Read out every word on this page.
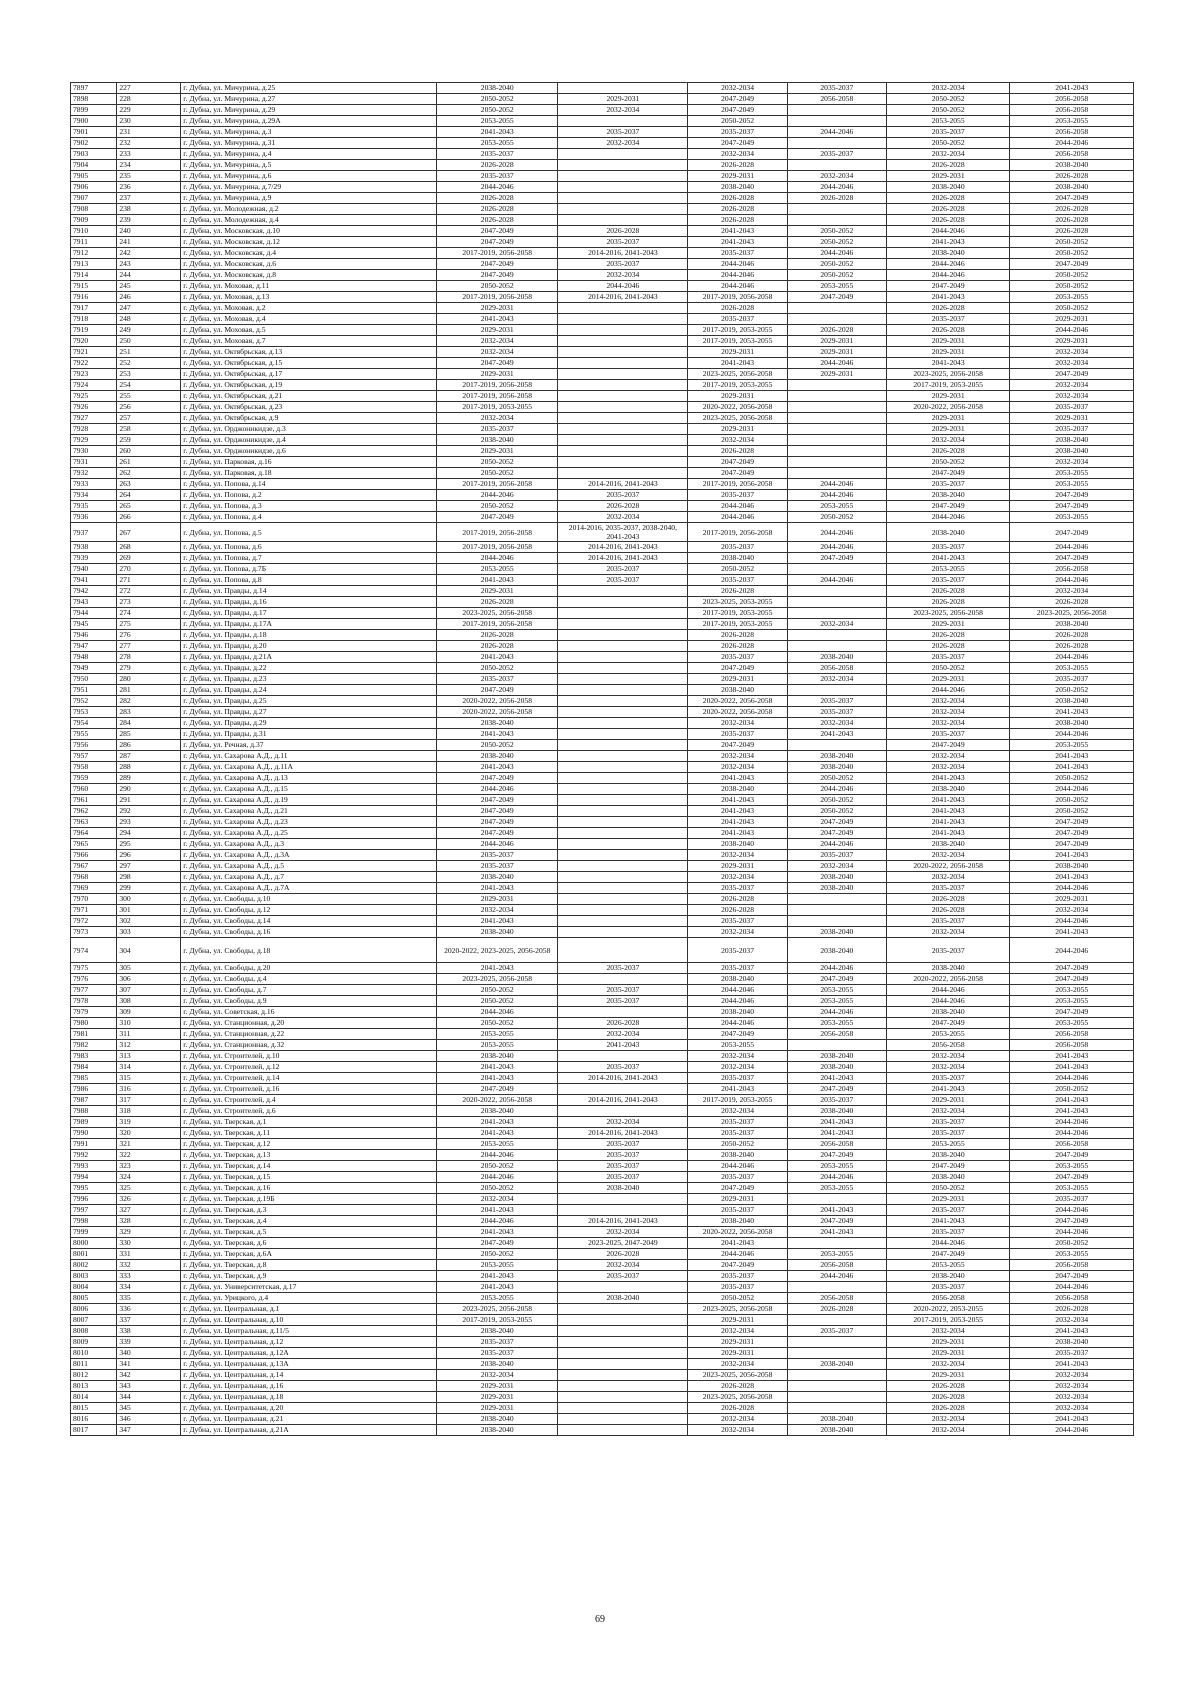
7897	227	г. Дубна, ул. Мичурина, д.25	2038-2040		2032-2034	2035-2037	2032-2034	2041-2043
7898	228	г. Дубна, ул. Мичурина, д.27	2050-2052	2029-2031	2047-2049	2056-2058	2050-2052	2056-2058
7899	229	г. Дубна, ул. Мичурина, д.29	2050-2052	2032-2034	2047-2049		2050-2052	2056-2058
7900	230	г. Дубна, ул. Мичурина, д.29А	2053-2055		2050-2052		2053-2055	2053-2055
7901	231	г. Дубна, ул. Мичурина, д.3	2041-2043	2035-2037	2035-2037	2044-2046	2035-2037	2056-2058
7902	232	г. Дубна, ул. Мичурина, д.31	2053-2055	2032-2034	2047-2049		2050-2052	2044-2046
7903	233	г. Дубна, ул. Мичурина, д.4	2035-2037		2032-2034	2035-2037	2032-2034	2056-2058
7904	234	г. Дубна, ул. Мичурина, д.5	2026-2028		2026-2028		2026-2028	2038-2040
7905	235	г. Дубна, ул. Мичурина, д.6	2035-2037		2029-2031	2032-2034	2029-2031	2026-2028
7906	236	г. Дубна, ул. Мичурина, д.7/29	2044-2046		2038-2040	2044-2046	2038-2040	2038-2040
7907	237	г. Дубна, ул. Мичурина, д.9	2026-2028		2026-2028	2026-2028	2026-2028	2047-2049
7908	238	г. Дубна, ул. Молодежная, д.2	2026-2028		2026-2028		2026-2028	2026-2028
7909	239	г. Дубна, ул. Молодежная, д.4	2026-2028		2026-2028		2026-2028	2026-2028
7910	240	г. Дубна, ул. Московская, д.10	2047-2049	2026-2028	2041-2043	2050-2052	2044-2046	2026-2028
7911	241	г. Дубна, ул. Московская, д.12	2047-2049	2035-2037	2041-2043	2050-2052	2041-2043	2050-2052
7912	242	г. Дубна, ул. Московская, д.4	2017-2019, 2056-2058	2014-2016, 2041-2043	2035-2037	2044-2046	2038-2040	2050-2052
7913	243	г. Дубна, ул. Московская, д.6	2047-2049	2035-2037	2044-2046	2050-2052	2044-2046	2047-2049
7914	244	г. Дубна, ул. Московская, д.8	2047-2049	2032-2034	2044-2046	2050-2052	2044-2046	2050-2052
7915	245	г. Дубна, ул. Моховая, д.11	2050-2052	2044-2046	2044-2046	2053-2055	2047-2049	2050-2052
7916	246	г. Дубна, ул. Моховая, д.13	2017-2019, 2056-2058	2014-2016, 2041-2043	2017-2019, 2056-2058	2047-2049	2041-2043	2053-2055
7917	247	г. Дубна, ул. Моховая, д.2	2029-2031		2026-2028		2026-2028	2050-2052
7918	248	г. Дубна, ул. Моховая, д.4	2041-2043		2035-2037		2035-2037	2029-2031
7919	249	г. Дубна, ул. Моховая, д.5	2029-2031		2017-2019, 2053-2055	2026-2028	2026-2028	2044-2046
7920	250	г. Дубна, ул. Моховая, д.7	2032-2034		2017-2019, 2053-2055	2029-2031	2029-2031	2029-2031
7921	251	г. Дубна, ул. Октябрьская, д.13	2032-2034		2029-2031	2029-2031	2029-2031	2032-2034
7922	252	г. Дубна, ул. Октябрьская, д.15	2047-2049		2041-2043	2044-2046	2041-2043	2032-2034
7923	253	г. Дубна, ул. Октябрьская, д.17	2029-2031		2023-2025, 2056-2058	2029-2031	2023-2025, 2056-2058	2047-2049
7924	254	г. Дубна, ул. Октябрьская, д.19	2017-2019, 2056-2058		2017-2019, 2053-2055		2017-2019, 2053-2055	2032-2034
7925	255	г. Дубна, ул. Октябрьская, д.21	2017-2019, 2056-2058		2029-2031		2029-2031	2032-2034
7926	256	г. Дубна, ул. Октябрьская, д.23	2017-2019, 2053-2055		2020-2022, 2056-2058		2020-2022, 2056-2058	2035-2037
7927	257	г. Дубна, ул. Октябрьская, д.9	2032-2034		2023-2025, 2056-2058		2029-2031	2029-2031
7928	258	г. Дубна, ул. Орджоникидзе, д.3	2035-2037		2029-2031		2029-2031	2035-2037
7929	259	г. Дубна, ул. Орджоникидзе, д.4	2038-2040		2032-2034		2032-2034	2038-2040
7930	260	г. Дубна, ул. Орджоникидзе, д.6	2029-2031		2026-2028		2026-2028	2038-2040
7931	261	г. Дубна, ул. Парковая, д.16	2050-2052		2047-2049		2050-2052	2032-2034
7932	262	г. Дубна, ул. Парковая, д.18	2050-2052		2047-2049		2047-2049	2053-2055
7933	263	г. Дубна, ул. Попова, д.14	2017-2019, 2056-2058	2014-2016, 2041-2043	2017-2019, 2056-2058	2044-2046	2035-2037	2053-2055
7934	264	г. Дубна, ул. Попова, д.2	2044-2046	2035-2037	2035-2037	2044-2046	2038-2040	2047-2049
7935	265	г. Дубна, ул. Попова, д.3	2050-2052	2026-2028	2044-2046	2053-2055	2047-2049	2047-2049
7936	266	г. Дубна, ул. Попова, д.4	2047-2049	2032-2034	2044-2046	2050-2052	2044-2046	2053-2055
7937	267	г. Дубна, ул. Попова, д.5	2017-2019, 2056-2058	2014-2016, 2035-2037, 2038-2040, 2041-2043	2017-2019, 2056-2058	2044-2046	2038-2040	2047-2049
7938	268	г. Дубна, ул. Попова, д.6	2017-2019, 2056-2058	2014-2016, 2041-2043	2035-2037	2044-2046	2035-2037	2044-2046
7939	269	г. Дубна, ул. Попова, д.7	2044-2046	2014-2016, 2041-2043	2038-2040	2047-2049	2041-2043	2047-2049
7940	270	г. Дубна, ул. Попова, д.7Б	2053-2055	2035-2037	2050-2052		2053-2055	2056-2058
7941	271	г. Дубна, ул. Попова, д.8	2041-2043	2035-2037	2035-2037	2044-2046	2035-2037	2044-2046
7942	272	г. Дубна, ул. Правды, д.14	2029-2031		2026-2028		2026-2028	2032-2034
7943	273	г. Дубна, ул. Правды, д.16	2026-2028		2023-2025, 2053-2055		2026-2028	2026-2028
7944	274	г. Дубна, ул. Правды, д.17	2023-2025, 2056-2058		2017-2019, 2053-2055		2023-2025, 2056-2058	2023-2025, 2056-2058
7945	275	г. Дубна, ул. Правды, д.17А	2017-2019, 2056-2058		2017-2019, 2053-2055	2032-2034	2029-2031	2038-2040
7946	276	г. Дубна, ул. Правды, д.18	2026-2028		2026-2028		2026-2028	2026-2028
7947	277	г. Дубна, ул. Правды, д.20	2026-2028		2026-2028		2026-2028	2026-2028
7948	278	г. Дубна, ул. Правды, д.21А	2041-2043		2035-2037	2038-2040	2035-2037	2044-2046
7949	279	г. Дубна, ул. Правды, д.22	2050-2052		2047-2049	2056-2058	2050-2052	2053-2055
7950	280	г. Дубна, ул. Правды, д.23	2035-2037		2029-2031	2032-2034	2029-2031	2035-2037
7951	281	г. Дубна, ул. Правды, д.24	2047-2049		2038-2040		2044-2046	2050-2052
7952	282	г. Дубна, ул. Правды, д.25	2020-2022, 2056-2058		2020-2022, 2056-2058	2035-2037	2032-2034	2038-2040
7953	283	г. Дубна, ул. Правды, д.27	2020-2022, 2056-2058		2020-2022, 2056-2058	2035-2037	2032-2034	2041-2043
7954	284	г. Дубна, ул. Правды, д.29	2038-2040		2032-2034	2032-2034	2032-2034	2038-2040
7955	285	г. Дубна, ул. Правды, д.31	2041-2043		2035-2037	2041-2043	2035-2037	2044-2046
7956	286	г. Дубна, ул. Речная, д.37	2050-2052		2047-2049		2047-2049	2053-2055
7957	287	г. Дубна, ул. Сахарова А.Д., д.11	2038-2040		2032-2034	2038-2040	2032-2034	2041-2043
7958	288	г. Дубна, ул. Сахарова А.Д., д.11А	2041-2043		2032-2034	2038-2040	2032-2034	2041-2043
7959	289	г. Дубна, ул. Сахарова А.Д., д.13	2047-2049		2041-2043	2050-2052	2041-2043	2050-2052
7960	290	г. Дубна, ул. Сахарова А.Д., д.15	2044-2046		2038-2040	2044-2046	2038-2040	2044-2046
7961	291	г. Дубна, ул. Сахарова А.Д., д.19	2047-2049		2041-2043	2050-2052	2041-2043	2050-2052
7962	292	г. Дубна, ул. Сахарова А.Д., д.21	2047-2049		2041-2043	2050-2052	2041-2043	2050-2052
7963	293	г. Дубна, ул. Сахарова А.Д., д.23	2047-2049		2041-2043	2047-2049	2041-2043	2047-2049
7964	294	г. Дубна, ул. Сахарова А.Д., д.25	2047-2049		2041-2043	2047-2049	2041-2043	2047-2049
7965	295	г. Дубна, ул. Сахарова А.Д., д.3	2044-2046		2038-2040	2044-2046	2038-2040	2047-2049
7966	296	г. Дубна, ул. Сахарова А.Д., д.3А	2035-2037		2032-2034	2035-2037	2032-2034	2041-2043
7967	297	г. Дубна, ул. Сахарова А.Д., д.5	2035-2037		2029-2031	2032-2034	2020-2022, 2056-2058	2038-2040
7968	298	г. Дубна, ул. Сахарова А.Д., д.7	2038-2040		2032-2034	2038-2040	2032-2034	2041-2043
7969	299	г. Дубна, ул. Сахарова А.Д., д.7А	2041-2043		2035-2037	2038-2040	2035-2037	2044-2046
7970	300	г. Дубна, ул. Свободы, д.10	2029-2031		2026-2028		2026-2028	2029-2031
7971	301	г. Дубна, ул. Свободы, д.12	2032-2034		2026-2028		2026-2028	2032-2034
7972	302	г. Дубна, ул. Свободы, д.14	2041-2043		2035-2037		2035-2037	2044-2046
7973	303	г. Дубна, ул. Свободы, д.16	2038-2040		2032-2034	2038-2040	2032-2034	2041-2043
7974	304	г. Дубна, ул. Свободы, д.18	2020-2022, 2023-2025, 2056-2058		2035-2037	2038-2040	2035-2037	2044-2046
7975	305	г. Дубна, ул. Свободы, д.20	2041-2043	2035-2037	2035-2037	2044-2046	2038-2040	2047-2049
7976	306	г. Дубна, ул. Свободы, д.4	2023-2025, 2056-2058		2038-2040	2047-2049	2020-2022, 2056-2058	2047-2049
7977	307	г. Дубна, ул. Свободы, д.7	2050-2052	2035-2037	2044-2046	2053-2055	2044-2046	2053-2055
7978	308	г. Дубна, ул. Свободы, д.9	2050-2052	2035-2037	2044-2046	2053-2055	2044-2046	2053-2055
7979	309	г. Дубна, ул. Советская, д.16	2044-2046		2038-2040	2044-2046	2038-2040	2047-2049
7980	310	г. Дубна, ул. Станционная, д.20	2050-2052	2026-2028	2044-2046	2053-2055	2047-2049	2053-2055
7981	311	г. Дубна, ул. Станционная, д.22	2053-2055	2032-2034	2047-2049	2056-2058	2053-2055	2056-2058
7982	312	г. Дубна, ул. Станционная, д.32	2053-2055	2041-2043	2053-2055		2056-2058	2056-2058
7983	313	г. Дубна, ул. Строителей, д.10	2038-2040		2032-2034	2038-2040	2032-2034	2041-2043
7984	314	г. Дубна, ул. Строителей, д.12	2041-2043	2035-2037	2032-2034	2038-2040	2032-2034	2041-2043
7985	315	г. Дубна, ул. Строителей, д.14	2041-2043	2014-2016, 2041-2043	2035-2037	2041-2043	2035-2037	2044-2046
7986	316	г. Дубна, ул. Строителей, д.16	2047-2049		2041-2043	2047-2049	2041-2043	2050-2052
7987	317	г. Дубна, ул. Строителей, д.4	2020-2022, 2056-2058	2014-2016, 2041-2043	2017-2019, 2053-2055	2035-2037	2029-2031	2041-2043
7988	318	г. Дубна, ул. Строителей, д.6	2038-2040		2032-2034	2038-2040	2032-2034	2041-2043
7989	319	г. Дубна, ул. Тверская, д.1	2041-2043	2032-2034	2035-2037	2041-2043	2035-2037	2044-2046
7990	320	г. Дубна, ул. Тверская, д.11	2041-2043	2014-2016, 2041-2043	2035-2037	2041-2043	2035-2037	2044-2046
7991	321	г. Дубна, ул. Тверская, д.12	2053-2055	2035-2037	2050-2052	2056-2058	2053-2055	2056-2058
7992	322	г. Дубна, ул. Тверская, д.13	2044-2046	2035-2037	2038-2040	2047-2049	2038-2040	2047-2049
7993	323	г. Дубна, ул. Тверская, д.14	2050-2052	2035-2037	2044-2046	2053-2055	2047-2049	2053-2055
7994	324	г. Дубна, ул. Тверская, д.15	2044-2046	2035-2037	2035-2037	2044-2046	2038-2040	2047-2049
7995	325	г. Дубна, ул. Тверская, д.16	2050-2052	2038-2040	2047-2049	2053-2055	2050-2052	2053-2055
7996	326	г. Дубна, ул. Тверская, д.19Б	2032-2034		2029-2031		2029-2031	2035-2037
7997	327	г. Дубна, ул. Тверская, д.3	2041-2043		2035-2037	2041-2043	2035-2037	2044-2046
7998	328	г. Дубна, ул. Тверская, д.4	2044-2046	2014-2016, 2041-2043	2038-2040	2047-2049	2041-2043	2047-2049
7999	329	г. Дубна, ул. Тверская, д.5	2041-2043	2032-2034	2020-2022, 2056-2058	2041-2043	2035-2037	2044-2046
8000	330	г. Дубна, ул. Тверская, д.6	2047-2049	2023-2025, 2047-2049	2041-2043		2044-2046	2050-2052
8001	331	г. Дубна, ул. Тверская, д.6А	2050-2052	2026-2028	2044-2046	2053-2055	2047-2049	2053-2055
8002	332	г. Дубна, ул. Тверская, д.8	2053-2055	2032-2034	2047-2049	2056-2058	2053-2055	2056-2058
8003	333	г. Дубна, ул. Тверская, д.9	2041-2043	2035-2037	2035-2037	2044-2046	2038-2040	2047-2049
8004	334	г. Дубна, ул. Университетская, д.17	2041-2043		2035-2037		2035-2037	2044-2046
8005	335	г. Дубна, ул. Урицкого, д.4	2053-2055	2038-2040	2050-2052	2056-2058	2056-2058	2056-2058
8006	336	г. Дубна, ул. Центральная, д.1	2023-2025, 2056-2058		2023-2025, 2056-2058	2026-2028	2020-2022, 2053-2055	2026-2028
8007	337	г. Дубна, ул. Центральная, д.10	2017-2019, 2053-2055		2029-2031		2017-2019, 2053-2055	2032-2034
8008	338	г. Дубна, ул. Центральная, д.11/5	2038-2040		2032-2034	2035-2037	2032-2034	2041-2043
8009	339	г. Дубна, ул. Центральная, д.12	2035-2037		2029-2031		2029-2031	2038-2040
8010	340	г. Дубна, ул. Центральная, д.12А	2035-2037		2029-2031		2029-2031	2035-2037
8011	341	г. Дубна, ул. Центральная, д.13А	2038-2040		2032-2034	2038-2040	2032-2034	2041-2043
8012	342	г. Дубна, ул. Центральная, д.14	2032-2034		2023-2025, 2056-2058		2029-2031	2032-2034
8013	343	г. Дубна, ул. Центральная, д.16	2029-2031		2026-2028		2026-2028	2032-2034
8014	344	г. Дубна, ул. Центральная, д.18	2029-2031		2023-2025, 2056-2058		2026-2028	2032-2034
8015	345	г. Дубна, ул. Центральная, д.20	2029-2031		2026-2028		2026-2028	2032-2034
8016	346	г. Дубна, ул. Центральная, д.21	2038-2040		2032-2034	2038-2040	2032-2034	2041-2043
8017	347	г. Дубна, ул. Центральная, д.21А	2038-2040		2032-2034	2038-2040	2032-2034	2044-2046
69
